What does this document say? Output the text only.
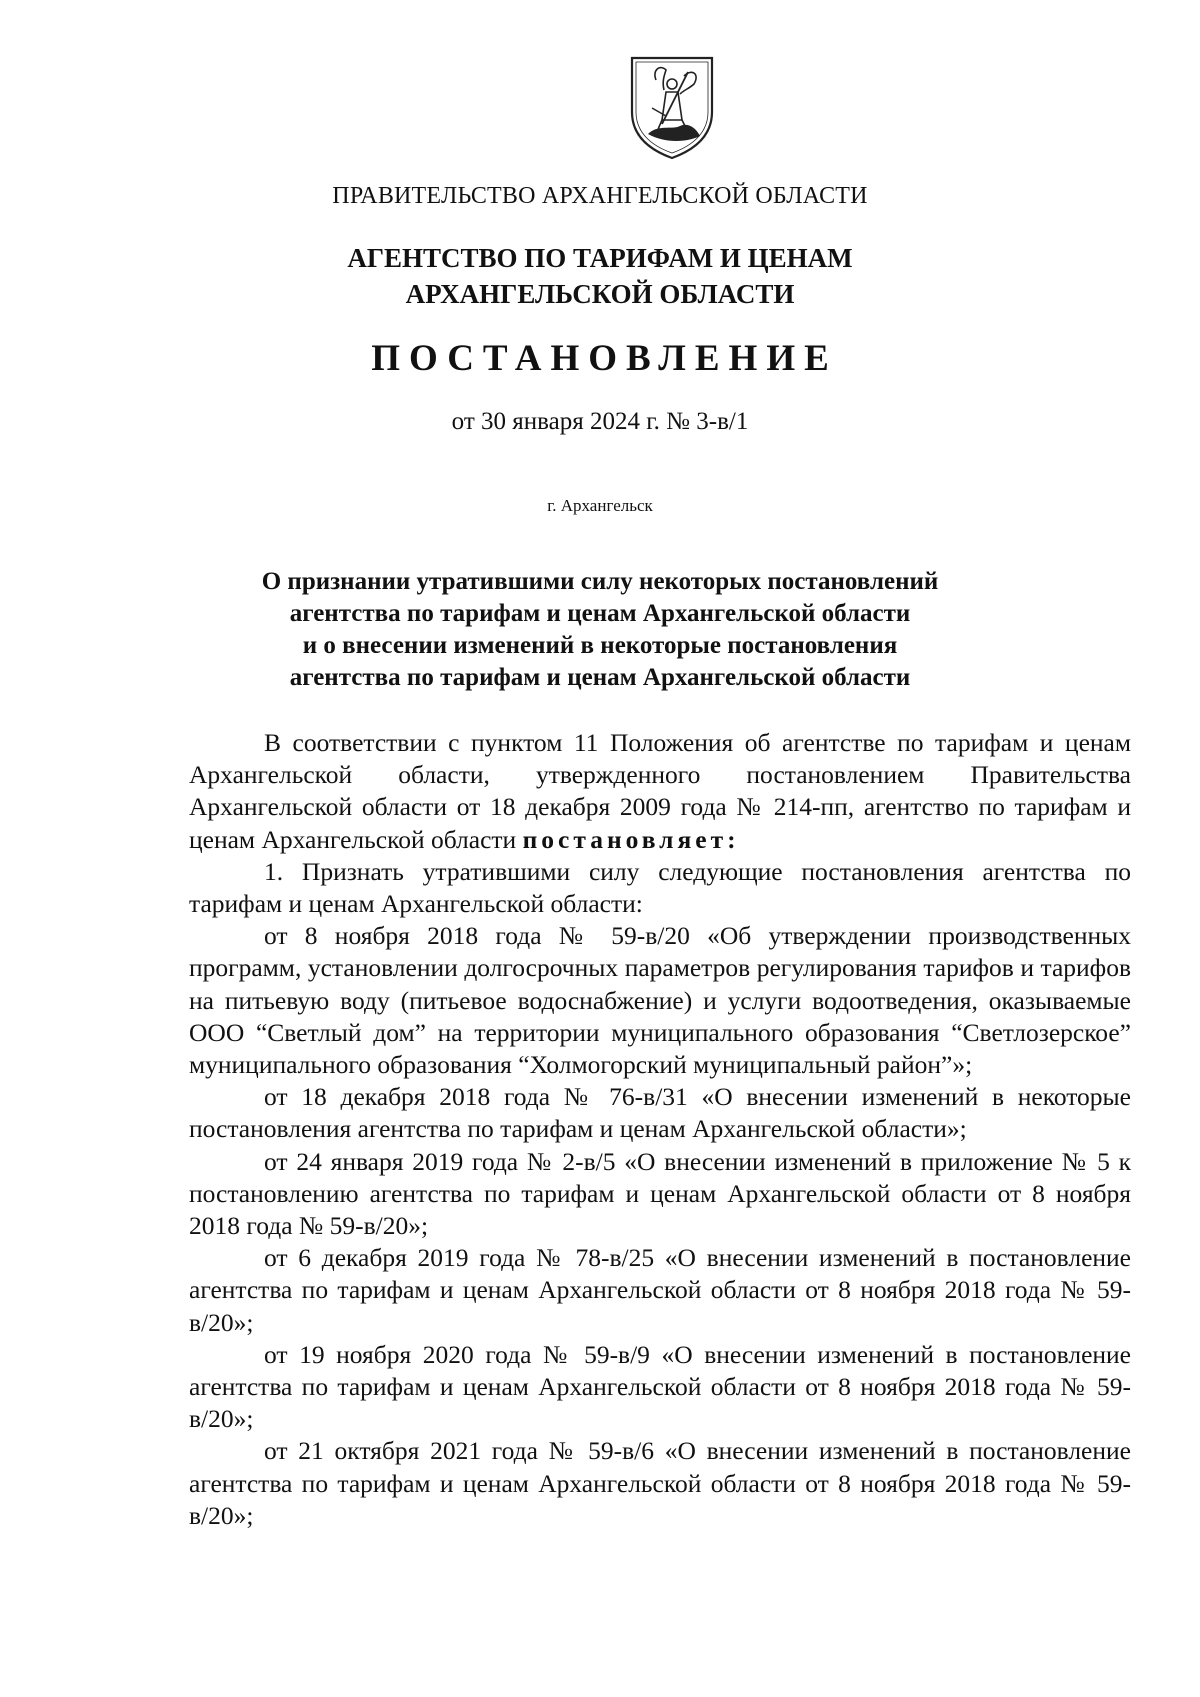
ПРАВИТЕЛЬСТВО АРХАНГЕЛЬСКОЙ ОБЛАСТИ
АГЕНТСТВО ПО ТАРИФАМ И ЦЕНАМ
АРХАНГЕЛЬСКОЙ ОБЛАСТИ
ПОСТАНОВЛЕНИЕ
от 30 января 2024 г. № 3-в/1
г. Архангельск
О признании утратившими силу некоторых постановлений
агентства по тарифам и ценам Архангельской области
и о внесении изменений в некоторые постановления
агентства по тарифам и ценам Архангельской области

В соответствии с пунктом 11 Положения об агентстве по тарифам и ценам Архангельской области, утвержденного постановлением Правительства Архангельской области от 18 декабря 2009 года № 214-пп, агентство по тарифам и ценам Архангельской области постановляет:

1. Признать утратившими силу следующие постановления агентства по тарифам и ценам Архангельской области:

от 8 ноября 2018 года № 59-в/20 «Об утверждении производственных программ, установлении долгосрочных параметров регулирования тарифов и тарифов на питьевую воду (питьевое водоснабжение) и услуги водоотведения, оказываемые ООО “Светлый дом” на территории муниципального образования “Светлозерское” муниципального образования “Холмогорский муниципальный район”»;

от 18 декабря 2018 года № 76-в/31 «О внесении изменений в некоторые постановления агентства по тарифам и ценам Архангельской области»;

от 24 января 2019 года № 2-в/5 «О внесении изменений в приложение № 5 к постановлению агентства по тарифам и ценам Архангельской области от 8 ноября 2018 года № 59-в/20»;

от 6 декабря 2019 года № 78-в/25 «О внесении изменений в постановление агентства по тарифам и ценам Архангельской области от 8 ноября 2018 года № 59-в/20»;

от 19 ноября 2020 года № 59-в/9 «О внесении изменений в постановление агентства по тарифам и ценам Архангельской области от 8 ноября 2018 года № 59-в/20»;

от 21 октября 2021 года № 59-в/6 «О внесении изменений в постановление агентства по тарифам и ценам Архангельской области от 8 ноября 2018 года № 59-в/20»;
